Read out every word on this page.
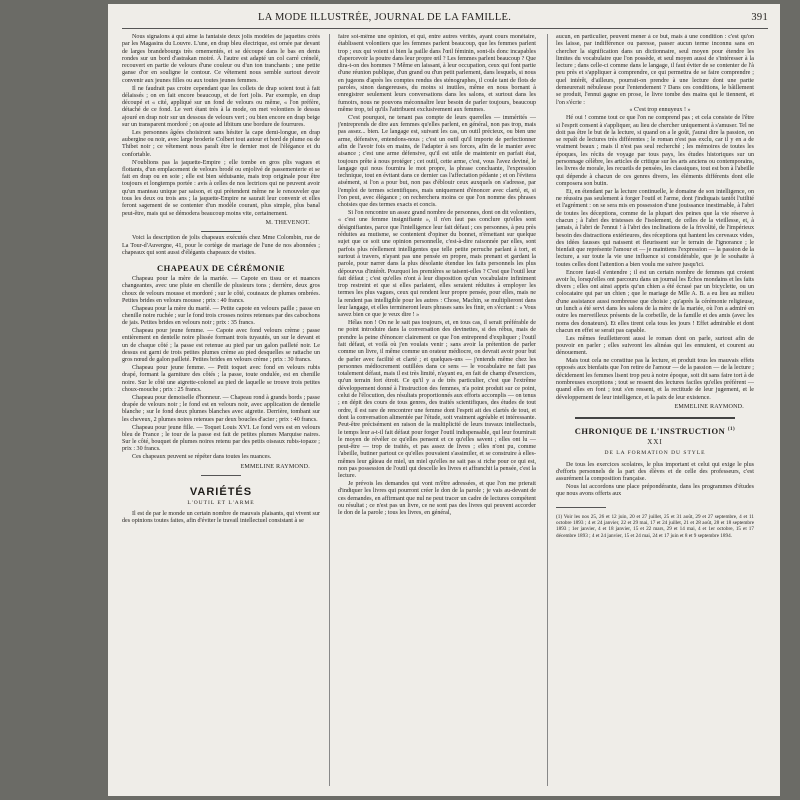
LA MODE ILLUSTRÉE, JOURNAL DE LA FAMILLE.	391

Nous signalons à qui aime la fantaisie deux jolis modèles de jaquettes créés par les Magasins du Louvre. L'une, en drap bleu électrique, est ornée par devant de larges brandebourgs très ornementés, et se découpe dans le bas en dents rondes sur un bord d'astrakan moiré. À l'autre est adapté un col carré crénelé, recouvert en partie de velours d'une couleur ou d'un ton tranchants ; une petite ganse d'or en souligne le contour. Ce vêtement nous semble surtout devoir convenir aux jeunes filles ou aux toutes jeunes femmes.

Il ne faudrait pas croire cependant que les collets de drap soient tout à fait délaissés ; on en fait encore beaucoup, et de fort jolis. Par exemple, en drap découpé et « cité, appliqué sur un fond de velours ou même, « l'on préfère, détaché de ce fond. Le vert étant très à la mode, on met volontiers le dessus ajouré en drap noir sur un dessous de velours vert ; ou bien encore en drap beige sur un transparent mordoré ; on ajoute ad libitum une bordure de fourrures.

Les personnes âgées choisiront sans hésiter la cape demi-longue, en drap aubergine ou noir, avec large broderie Colbert tout autour et bord de plume ou de Thibet noir ; ce vêtement nous paraît être le dernier mot de l'élégance et du confortable.

N'oublions pas la jaquette-Empire ; elle tombe en gros plis vagues et flottants, d'un emplacement de velours brodé ou enjolivé de passementerie et se fait en drap ou en soie ; elle est bien séduisante, mais trop originale pour être toujours et longtemps portée : avis à celles de nos lectrices qui ne peuvent avoir qu'un manteau unique par saison, et qui prétendent même ne le renouveler que tous les deux ou trois ans ; la jaquette-Empire ne saurait leur convenir et elles feront sagement de se contenter d'un modèle courant, plus simple, plus banal peut-être, mais qui se démodera beaucoup moins vite, certainement.

M. THEVENOT.

Voici la description de jolis chapeaux exécutés chez Mme Colombin, rue de La Tour-d'Auvergne, 41, pour le cortège de mariage de l'une de nos abonnées ; chapeaux qui sont aussi d'élégants chapeaux de visites.

CHAPEAUX DE CÉRÉMONIE

Chapeau pour la mère de la mariée. — Capote en tissu or et nuances changeantes, avec une pluie en chenille de plusieurs tons ; derrière, deux gros choux de velours mousse et mordoré ; sur le côté, couteaux de plumes ombrées. Petites brides en velours mousse ; prix : 40 francs.

Chapeau pour la mère du marié. — Petite capote en velours paille ; passe en chenille noire ruchée ; sur le fond trois crosses noires retenues par des cabochons de jais. Petites brides en velours noir ; prix : 35 francs.

Chapeau pour jeune femme. — Capote avec fond velours crème ; passe entièrement en dentelle noire plissée formant trois tuyautés, un sur le devant et un de chaque côté ; la passe est retenue au pied par un galon pailleté noir. Le dessus est garni de trois petites plumes crème au pied desquelles se rattache un gros nœud de galon pailleté. Petites brides en velours crème ; prix : 30 francs.

Chapeau pour jeune femme. — Petit toquet avec fond en velours rubis drapé, formant la garniture des côtés ; la passe, toute ondulée, est en chenille noire. Sur le côté une aigrette-colonel au pied de laquelle se trouve trois petites choux-mouche ; prix : 25 francs.

Chapeau pour demoiselle d'honneur. — Chapeau rond à grands bords ; passe drapée de velours noir ; le fond est en velours noir, avec application de dentelle blanche ; sur le fond deux plumes blanches avec aigrette. Derrière, tombant sur les cheveux, 2 plumes noires retenues par deux boucles d'acier ; prix : 40 francs.

Chapeau pour jeune fille. — Toquet Louis XVI. Le fond vers est en velours bleu de France ; le tour de la passe est fait de petites plumes Marquise naires. Sur le côté, bouquet de plumes noires retenu par des petits oiseaux rubis-topaze ; prix : 30 francs.

Ces chapeaux peuvent se répéter dans toutes les nuances.

EMMELINE RAYMOND.
VARIÉTÉS
L'OUTIL ET L'ARME

Il est de par le monde un certain nombre de mauvais plaisants, qui vivent sur des opinions toutes faites, afin d'éviter le travail intellectuel consistant à se

faire soi-même une opinion, et qui, entre autres vérités, ayant cours monétaire, établissent volontiers que les femmes parlent beaucoup, que les femmes parlent trop ; eux qui voient si bien la paille dans l'œil féminin, sont-ils donc incapables d'apercevoir la poutre dans leur propre œil ? Les femmes parlent beaucoup ? Que dira-t-on des hommes ? Même en laissant, à leur occupation, ceux qui font partie d'une réunion publique, d'un grand ou d'un petit parlement, dans lesquels, si nous en jugeons d'après les comptes rendus des sténographes, il coule tant de flots de paroles, sinon dangereuses, du moins si inutiles, même en nous bornant à enregistrer seulement leurs conversations dans les salons, et surtout dans les fumoirs, nous ne pouvons méconnaître leur besoin de parler toujours, beaucoup même trop, tel qu'ils l'attribuent exclusivement aux femmes.

C'est pourquoi, ne tenant pas compte de leurs querelles — immérités — j'entreprends de dire aux femmes qu'elles parlent, en général, non pas trop, mais pas assez... bien. Le langage est, suivant les cas, un outil précieux, ou bien une arme, défensive, entendons-nous ; c'est un outil qu'il importe de perfectionner afin de l'avoir fois en mains, de l'adapter à ses forces, afin de le manier avec aisance ; c'est une arme défensive, qu'il est utile de maintenir en parfait état, toujours prête à nous protéger ; cet outil, cette arme, c'est, vous l'avez deviné, le langage qui nous fournira le mot propre, la phrase concluante, l'expression technique, tout en évitant dans ce dernier cas l'affectation pédante ; et on l'évitera aisément, si l'on a pour but, non pas d'éblouir ceux auxquels on s'adresse, par l'emploi de termes scientifiques, mais uniquement d'énoncer avec clarté, et, si l'on peut, avec élégance ; on recherchera moins ce que l'on nomme des phrases choisies que des termes exacts et concis.

Si l'on rencontre un assez grand nombre de personnes, dont on dit volontiers, « c'est une femme insignifiante », il n'en faut pas conclure qu'elles sont désignifiantes, parce que l'intelligence leur fait défaut ; ces personnes, à peu près réduites au mutisme, se contentent d'opiner du bonnet, n'émettant sur quelque sujet que ce soit une opinion personnelle, c'est-à-dire raisonnée par elles, sont parfois plus réellement intelligentes que telle petite perruche parlant à tort, et surtout à travers, n'ayant pas une pensée en propre, mais prenant et gardant la parole, pour narrer dans la plus désolante étendue les faits personnels les plus dépourvus d'intérêt. Pourquoi les premières se taisent-elles ? C'est que l'outil leur fait défaut ; c'est qu'elles n'ont à leur disposition qu'un vocabulaire infiniment trop restreint et que si elles parlaient, elles seraient réduites à employer les termes les plus vagues, ceux qui rendent leur propre pensée, pour elles, mais ne la rendent pas intelligible pour les autres : Chose, Machin, se multiplieront dans leur langage, et elles termineront leurs phrases sans les finir, en s'écriant : « Vous savez bien ce que je veux dire ! »

Hélas non ! On ne le sait pas toujours, et, en tous cas, il serait préférable de ne point introduire dans la conversation des devinettes, si des rébus, mais de prendre la peine d'énoncer clairement ce que l'on entreprend d'expliquer ; l'outil fait défaut, et voilà où j'en voulais venir ; sans avoir la prétention de parler comme un livre, il même comme un orateur médiocre, on devrait avoir pour but de parler avec facilité et clarté ; et quelques-uns — j'entends même chez les personnes médiocrement outillées dans ce sens — le vocabulaire ne fait pas totalement défaut, mais il est très limité, n'ayant eu, en fait de champ d'exercices, qu'un terrain fort étroit. Ce qu'il y a de très particulier, c'est que l'extrême développement donné à l'instruction des femmes, n'a point produit sur ce point, celui de l'élocution, des résultats proportionnés aux efforts accomplis — on tenus ; en dépit des cours de tous genres, des traités scientifiques, des études de tout ordre, il est rare de rencontrer une femme dont l'esprit ait des clartés de tout, et dont la conversation alimentée par l'étude, soit vraiment agréable et intéressante. Peut-être précisément en raison de la multiplicité de leurs travaux intellectuels, le temps leur a-t-il fait défaut pour forger l'outil indispensable, qui leur fournirait le moyen de révéler ce qu'elles pensent et ce qu'elles savent ; elles ont lu — peut-être — trop de traités, et pas assez de livres ; elles n'ont pu, comme l'abeille, butiner partout ce qu'elles pouvaient s'assimiler, et se construire à elles-mêmes leur gâteau de miel, un miel qu'elles ne sait pas si riche pour ce qui est, non pas possession de l'outil qui descelle les livres et affranchit la pensée, c'est la lecture.

Je prévois les demandes qui vont m'être adressées, et que l'on me prierait d'indiquer les livres qui pourront créer le don de la parole ; je vais au-devant de ces demandes, en affirmant que nul ne peut tracer un cadre de lectures compétent ou résultat ; ce n'est pas un livre, ce ne sont pas des livres qui peuvent accorder le don de la parole ; tous les livres, en général,

aucun, en particulier, peuvent mener à ce but, mais à une condition : c'est qu'on les laisse, par indifférence ou paresse, passer aucun terme inconnu sans en chercher la signification dans un dictionnaire, seul moyen pour étendre les limites du vocabulaire que l'on possède, et seul moyen aussi de s'intéresser à la lecture ; dans celle-ci comme dans le langage, il faut éviter de se contenter de l'à peu près et s'appliquer à comprendre, ce qui permettra de se faire comprendre ; quel intérêt, d'ailleurs, pourrait-on prendre à une lecture dont une partie demeurerait nébuleuse pour l'entendement ? Dans ces conditions, le bâillement se produit, l'ennui gagne en prose, le livre tombe des mains qui le tiennent, et l'on s'écrie :

« C'est trop ennuyeux ! »

Hé oui ! comme tout ce que l'on ne comprend pas ; et cela consiste de l'être si l'esprit consent à s'appliquer, au lieu de chercher uniquement à s'amuser. Tel ne doit pas être le but de la lecture, si quand on a le goût, j'aurai dire la passion, on se repaît de lectures très différentes ; le roman n'est pas exclu, car il y en a de vraiment beaux ; mais il n'est pas seul recherché ; les mémoires de toutes les époques, les récits de voyage par tous pays, les études historiques sur un personnage célèbre, les articles de critique sur les arts anciens ou contemporains, les livres de morale, les recueils de pensées, les classiques, tout est bon à l'abeille qui dépende à chacun de ces genres divers, les éléments différents dont elle composera son butin.

Et, en étendant par la lecture continuelle, le domaine de son intelligence, on ne réussira pas seulement à forger l'outil et l'arme, dont j'indiquais tantôt l'utilité et l'agrément : on se sera mis en possession d'une jouissance inestimable, à l'abri de toutes les déceptions, comme de la plupart des peines que la vie réserve à chacun ; à l'abri des tristesses de l'isolement, de celles de la vieillesse, et, à jamais, à l'abri de l'ennui ! à l'abri des inclinations de la frivolité, de l'impérieux besoin des distractions extérieures, des réceptions qui hantent les cerveaux vides, des idées fausses qui naissent et fleurissent sur le terrain de l'ignorance ; le bienfait que représente l'amour et — je maintiens l'expression — la passion de la lecture, a sur toute la vie une influence si considérable, que je le souhaite à toutes celles dont l'attention a bien voulu me suivre jusqu'ici.

Encore faut-il s'entendre ; il est un certain nombre de femmes qui croient avoir lu, lorsqu'elles ont parcouru dans un journal les Échos mondains et les faits divers ; elles ont ainsi appris qu'un chien a été écrasé par un bicyclette, ou un colocataire qui par un chien ; que le mariage de Mlle A. B. a eu lieu au milieu d'une assistance aussi nombreuse que choisie ; qu'après la cérémonie religieuse, un lunch a été servi dans les salons de la mère de la mariée, où l'on a admiré en outre les merveilleux présents de la corbeille, de la famille et des amis (avec les noms des donateurs). Et elles tirent cela tous les jours ! Effet admirable et dont chacun en effet se serait pas capable.

Les mêmes feuilletteront aussi le roman dont on parle, surtout afin de pouvoir en parler ; elles suivront les alinéas qui les ennuient, et courent au dénouement.

Mais tout cela ne constitue pas la lecture, et produit tous les mauvais effets opposés aux bienfaits que l'on retire de l'amour — de la passion — de la lecture ; décidement les femmes lisent trop peu à notre époque, soit dit sans faire tort à de nombreuses exceptions ; tout se ressent des lectures faciles qu'elles préfèrent — quand elles en font ; tout s'en ressent, et la rectitude de leur jugement, et le développement de leur intelligence, et la paix de leur existence.

EMMELINE RAYMOND.
CHRONIQUE DE L'INSTRUCTION $^{(1)}$
XXI
DE LA FORMATION DU STYLE

De tous les exercices scolaires, le plus important et celui qui exige le plus d'efforts personnels de la part des élèves et de celle des professeurs, c'est assurément la composition française.

Nous lui accordons une place prépondérante, dans les programmes d'études que nous avons offerts aux

(1) Voir les nos 25, 26 et 12 juin, 20 et 27 juillet, 25 et 31 août, 29 et 27 septembre, 4 et 11 octobre 1893 ; 4 et 24 janvier, 22 et 29 mai, 17 et 24 juillet, 21 et 28 août, 28 et 18 septembre 1893 ; 1er janvier, 4 et 18 janvier, 15 et 22 mars, 29 et 14 mai, 4 et 1er octobre, 15 et 17 décembre 1893 ; 4 et 24 janvier, 15 et 24 mai, 24 et 17 juin et 8 et 9 septembre 1894.
